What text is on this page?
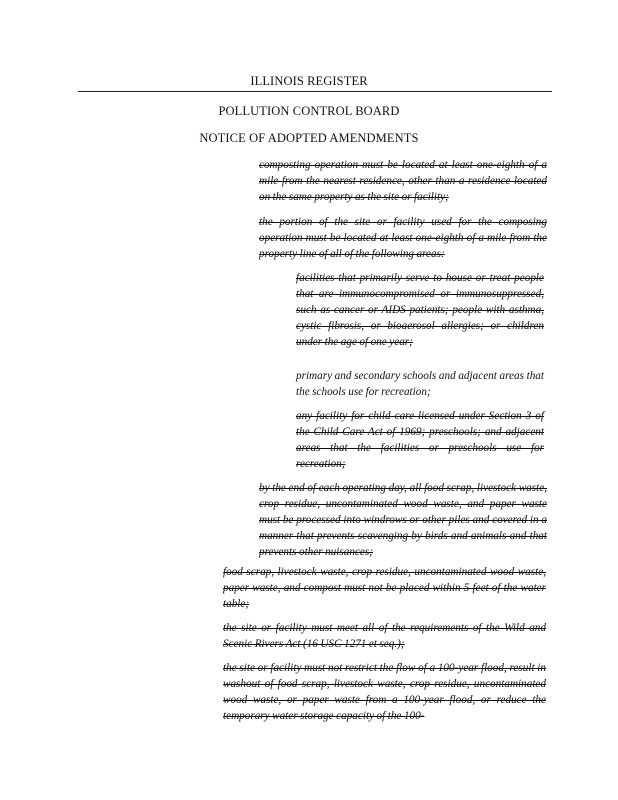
ILLINOIS REGISTER
POLLUTION CONTROL BOARD
NOTICE OF ADOPTED AMENDMENTS

composting operation must be located at least one-eighth of a mile from the nearest residence, other than a residence located on the same property as the site or facility;

the portion of the site or facility used for the composing operation must be located at least one-eighth of a mile from the property line of all of the following areas:

facilities that primarily serve to house or treat people that are immunocompromised or immunosuppressed, such as cancer or AIDS patients; people with asthma, cystic fibrosis, or bioaerosol allergies; or children under the age of one year;

primary and secondary schools and adjacent areas that the schools use for recreation;

any facility for child care licensed under Section 3 of the Child Care Act of 1969; preschools; and adjacent areas that the facilities or preschools use for recreation;

by the end of each operating day, all food scrap, livestock waste, crop residue, uncontaminated wood waste, and paper waste must be processed into windrows or other piles and covered in a manner that prevents scavenging by birds and animals and that prevents other nuisances;

food scrap, livestock waste, crop residue, uncontaminated wood waste, paper waste, and compost must not be placed within 5 feet of the water table;

the site or facility must meet all of the requirements of the Wild and Scenic Rivers Act (16 USC 1271 et seq.);

the site or facility must not restrict the flow of a 100-year flood, result in washout of food scrap, livestock waste, crop residue, uncontaminated wood waste, or paper waste from a 100-year flood, or reduce the temporary water storage capacity of the 100-
